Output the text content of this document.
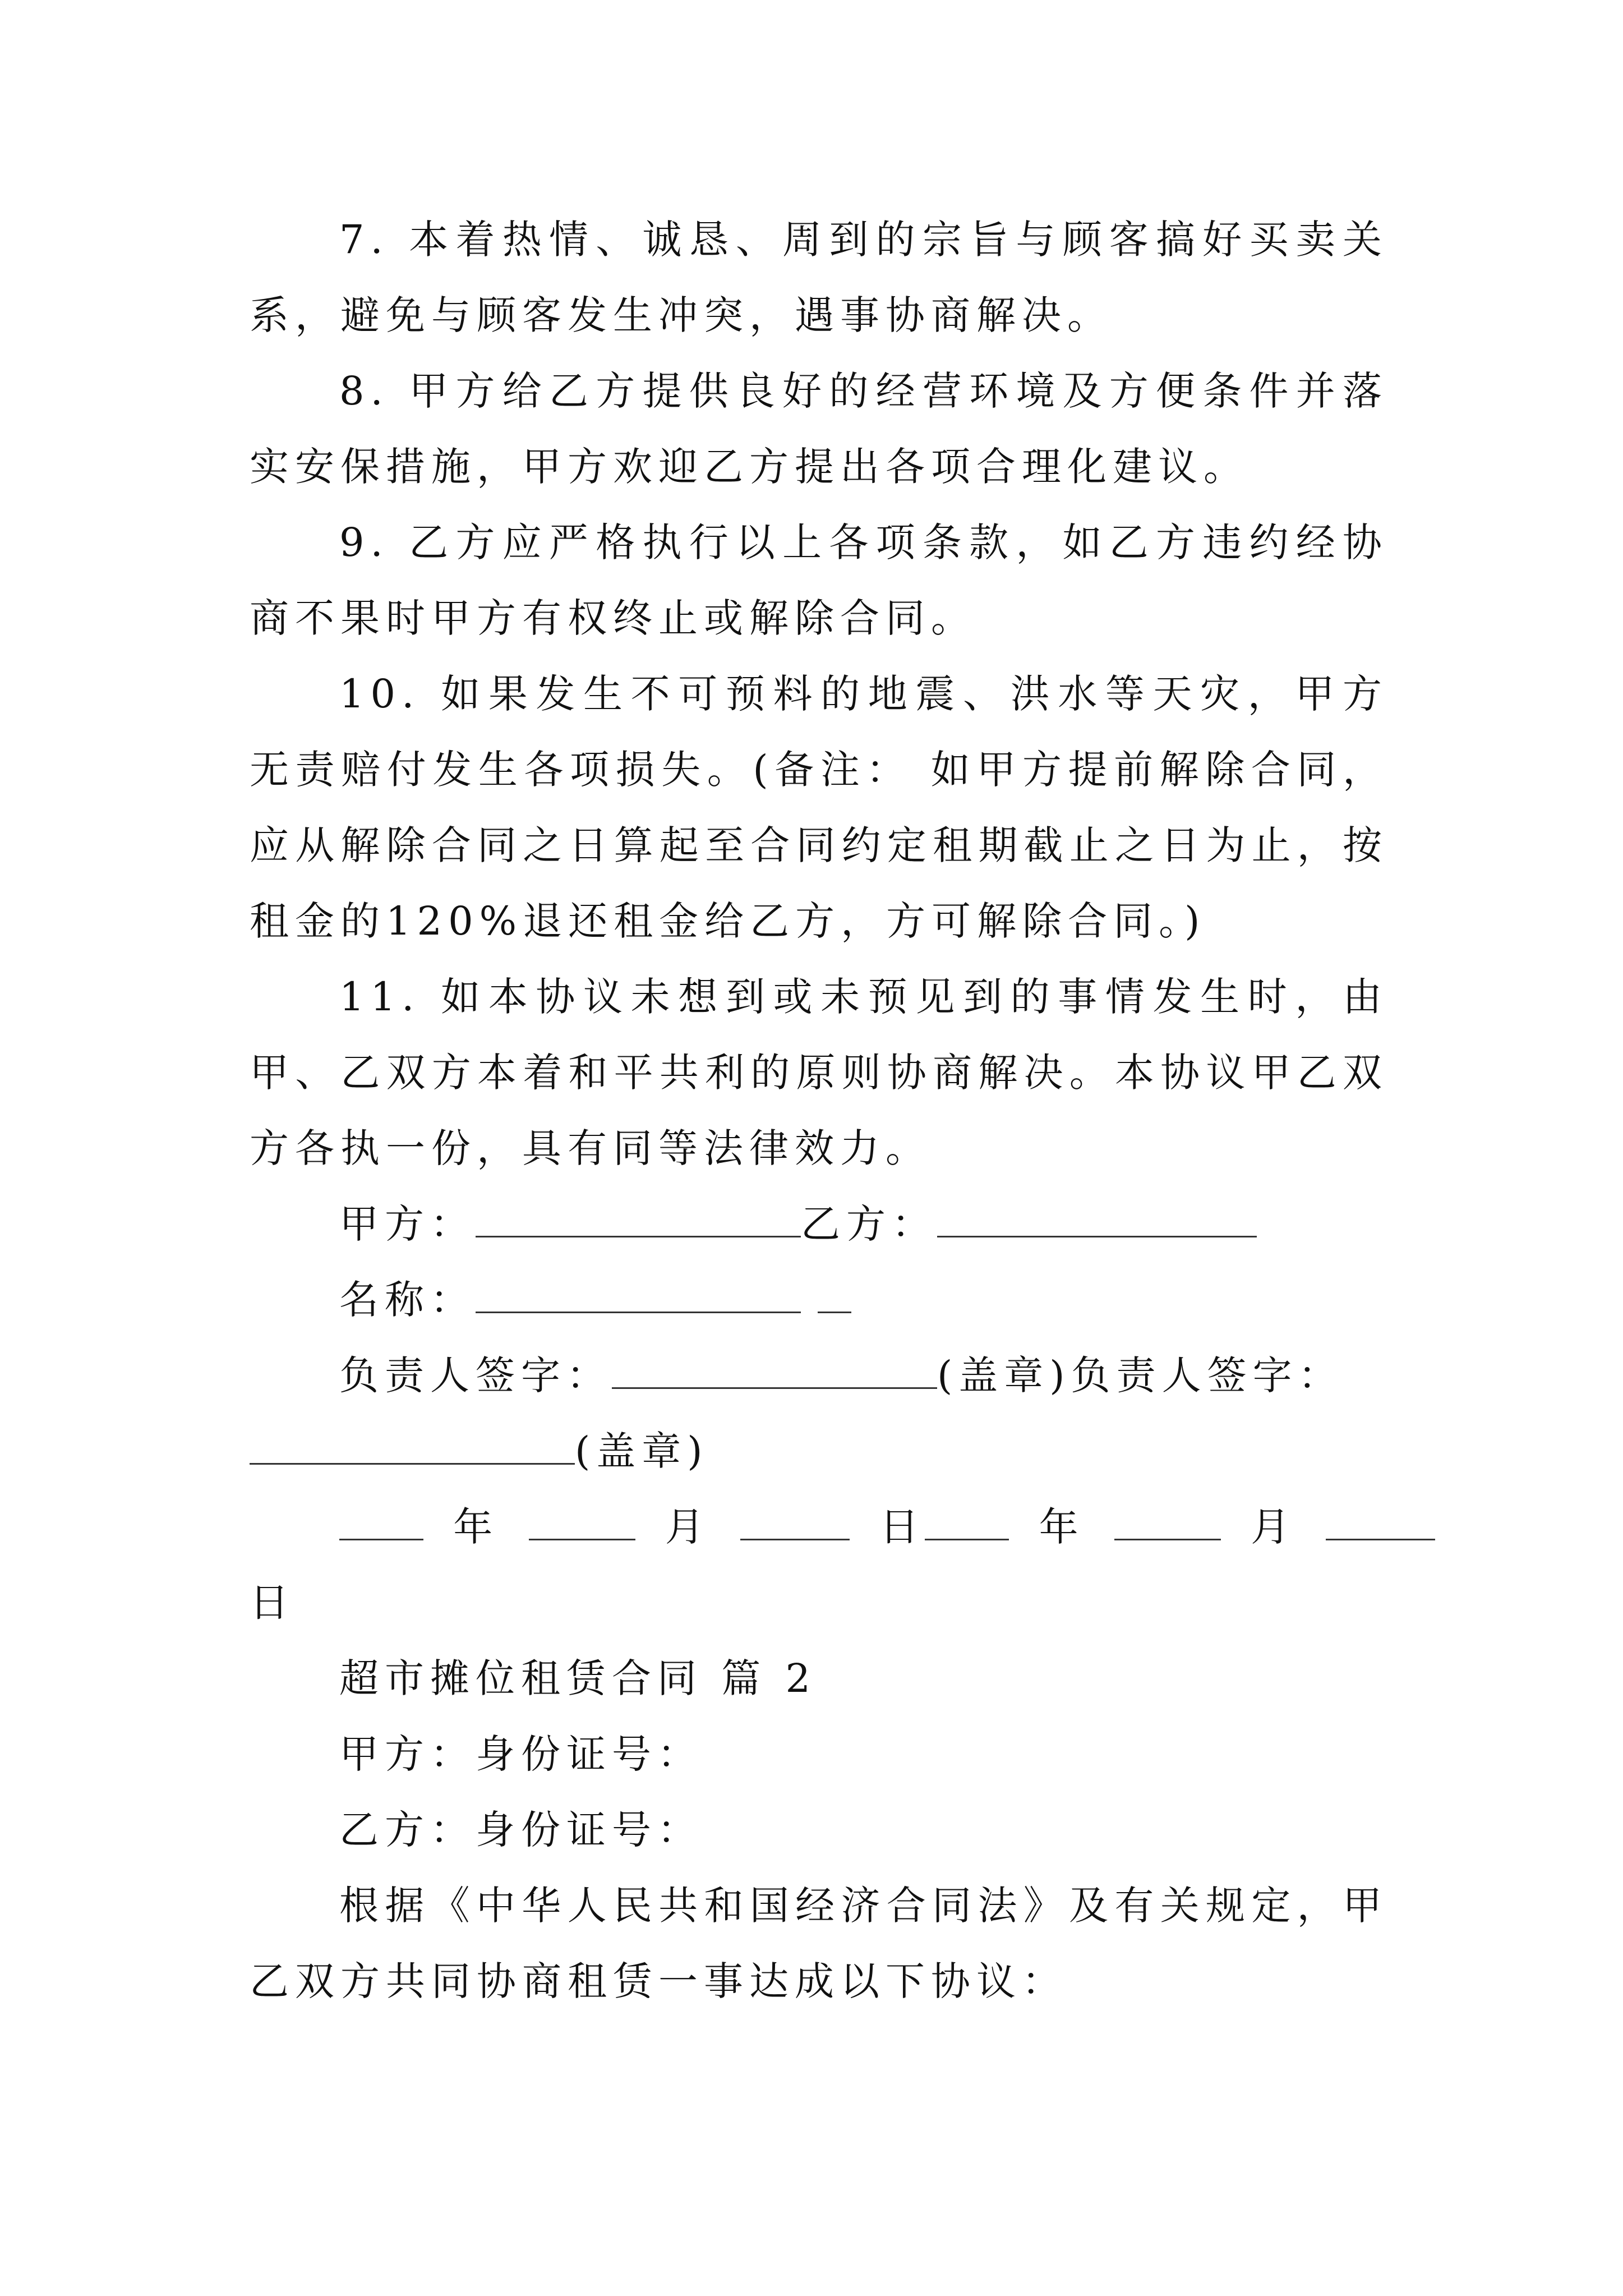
7. 本着热情、诚恳、周到的宗旨与顾客搞好买卖关系，避免与顾客发生冲突，遇事协商解决。

8. 甲方给乙方提供良好的经营环境及方便条件并落实安保措施，甲方欢迎乙方提出各项合理化建议。

9. 乙方应严格执行以上各项条款，如乙方违约经协商不果时甲方有权终止或解除合同。

10. 如果发生不可预料的地震、洪水等天灾，甲方无责赔付发生各项损失。(备注： 如甲方提前解除合同，应从解除合同之日算起至合同约定租期截止之日为止，按租金的120%退还租金给乙方，方可解除合同。)

11. 如本协议未想到或未预见到的事情发生时，由甲、乙双方本着和平共利的原则协商解决。本协议甲乙双方各执一份，具有同等法律效力。

甲方：	乙方：

名称：

负责人签字：	(盖章)负责人签字：(盖章)

年	月	日	年	月

日

超市摊位租赁合同 篇 2

甲方：身份证号：

乙方：身份证号：

根据《中华人民共和国经济合同法》及有关规定，甲乙双方共同协商租赁一事达成以下协议：
